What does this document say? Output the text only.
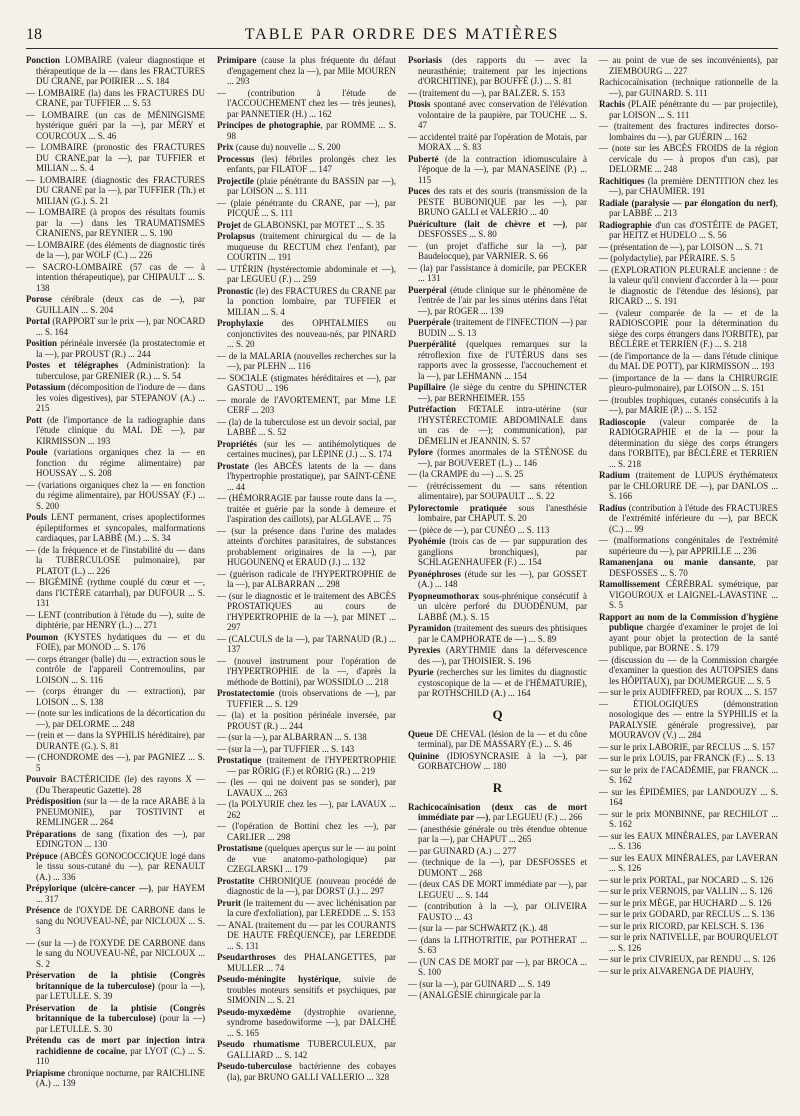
18	TABLE PAR ORDRE DES MATIÈRES
Ponction LOMBAIRE (valeur diagnostique et thérapeutique de la — dans les FRACTURES DU CRANE, par POIRIER ... S. 184
— LOMBAIRE (la) dans les FRACTURES DU CRANE, par TUFFIER ... S. 53
— LOMBAIRE (un cas de MÉNINGISME hystérique guéri par la —), par MÉRY et COURCOUX ... S. 46
— LOMBAIRE (pronostic des FRACTURES DU CRANE,par la —), par TUFFIER et MILIAN ... S. 4
— LOMBAIRE (diagnostic des FRACTURES DU CRANE par la —), par TUFFIER (Th.) et MILIAN (G.). S. 21
— LOMBAIRE (à propos des résultats fournis par la —) dans les TRAUMATISMES CRANIENS, par REYNIER ... S. 190
— LOMBAIRE (des éléments de diagnostic tirés de la —), par WOLF (C.) ... 226
— SACRO-LOMBAIRE (57 cas de — à intention thérapeutique), par CHIPAULT ... S. 138
Porose cérébrale (deux cas de —), par GUILLAIN ... S. 204
Portal (RAPPORT sur le prix —), par NOCARD ... S. 164
Position périnéale inversée (la prostatectomie et la —), par PROUST (R.) ... 244
Postes et télégraphes (Administration): la tuberculose, par GRENIER (R.) ... S. 54
Potassium (décomposition de l'iodure de — dans les voies digestives), par STEPANOV (A.) ... 215
Pott (de l'importance de la radiographie dans l'étude clinique du MAL DE —), par KIRMISSON ... 193
Poule (variations organiques chez la — en fonction du régime alimentaire) par HOUSSAY ... S. 208
— (variations organiques chez la — en fonction du régime alimentaire), par HOUSSAY (F.) ... S. 200
Pouls LENT permanent, crises apoplectiformes épileptiformes et syncopales, malformations cardiaques, par LABBÉ (M.) ... S. 34
— (de la fréquence et de l'instabilité du — dans la TUBERCULOSE pulmonaire), par PLATOT (L.) ... 226
— BIGÉMINÉ (rythme couplé du cœur et —, dans l'ICTÈRE catarrhal), par DUFOUR ... S. 131
— LENT (contribution à l'étude du —), suite de diphtérie, par HENRY (L.) ... 271
Poumon (KYSTES hydatiques du — et du FOIE), par MONOD ... S. 176
— corps étranger (balle) du —, extraction sous le contrôle de l'appareil Contremoulins, par LOISON ... S. 116
— (corps étranger du — extraction), par LOISON ... S. 138
— (note sur les indications de la décortication du —), par DELORME ... 248
— (rein et — dans la SYPHILIS héréditaire), par DURANTE (G.). S. 81
— (CHONDROME des —), par PAGNIEZ ... S. 5
Pouvoir BACTÉRICIDE (le) des rayons X — (Du Therapeutic Gazette). 28
Prédisposition (sur la — de la race ARABE à la PNEUMONIE), par TOSTIVINT et REMLINGER ... 264
Préparations de sang (fixation des —), par EDINGTON ... 130
Prépuce (ABCÈS GONOCOCCIQUE logé dans le tissu sous-cutané du —), par RENAULT (A.) ... 336
Prépylorique (ulcère-cancer —), par HAYEM ... 317
Présence de l'OXYDE DE CARBONE dans le sang du NOUVEAU-NÉ, par NICLOUX ... S. 3
— (sur la —) de l'OXYDE DE CARBONE dans le sang du NOUVEAU-NÉ, par NICLOUX ... S. 2
Préservation de la phtisie (Congrès britannique de la tuberculose) (pour la —), par LETULLE. S. 39
Préservation de la phtisie (Congrès britannique de la tuberculose) (pour la —) par LETULLE. S. 30
Prétendu cas de mort par injection intra rachidienne de cocaïne, par LYOT (C.) ... S. 110
Priapisme chronique nocturne, par RAICHLINE (A.) ... 139
Primipare (cause la plus fréquente du défaut d'engagement chez la —), par Mlle MOUREN ... 293
— (contribution à l'étude de l'ACCOUCHEMENT chez les — très jeunes), par PANNETIER (H.) ... 162
Principes de photographie, par ROMME ... S. 98
Prix (cause du) nouvelle ... S. 200
Processus (les) fébriles prolongés chez les enfants, par FILATOF ... 147
Projectile (plaie pénétrante du BASSIN par —), par LOISON ... S. 111
— (plaie pénétrante du CRANE, par —), par PICQUÉ ... S. 111
Projet de GLABONSKI, par MOTET ... S. 35
Prolapsus (traitement chirurgical du — de la muqueuse du RECTUM chez l'enfant), par COURTIN ... 191
— UTÉRIN (hystérectomie abdominale et —), par LEGUEU (F.) ... 259
Pronostic (le) des FRACTURES du CRANE par la ponction lombaire, par TUFFIER et MILIAN ... S. 4
Prophylaxie des OPHTALMIES ou conjonctivites des nouveau-nés, par PINARD ... S. 20
— de la MALARIA (nouvelles recherches sur la —), par PLEHN ... 116
— SOCIALE (stigmates héréditaires et —), par GASTOU ... 196
— morale de l'AVORTEMENT, par Mme LE CERF ... 203
— (la) de la tuberculose est un devoir social, par LABBÉ ... S. 52
Propriétés (sur les — antihémolytiques de certaines mucines), par LÉPINE (J.) ... S. 174
Prostate (les ABCÈS latents de la — dans l'hypertrophie prostatique), par SAINT-CÈNE ... 44
— (HÉMORRAGIE par fausse route dans la —, traitée et guérie par la sonde à demeure et l'aspiration des caillots), par ALGLAVE ... 75
— (sur la présence dans l'urine des malades atteints d'orchites parasitaires, de substances probablement originaires de la —), par HUGOUNENQ et ERAUD (J.) ... 132
— (guérison radicale de l'HYPERTROPHIE de la —), par ALBARRAN ... 298
— (sur le diagnostic et le traitement des ABCÈS PROSTATIQUES au cours de l'HYPERTROPHIE de la —), par MINET ... 297
— (CALCULS de la —), par TARNAUD (R.) ... 137
— (nouvel instrument pour l'opération de l'HYPERTROPHIE de la —, d'après la méthode de Bottini), par WOSSIDLO ... 218
Prostatectomie (trois observations de —), par TUFFIER ... S. 129
— (la) et la position périnéale inversée, par PROUST (R.) ... 244
— (sur la —), par ALBARRAN ... S. 138
— (sur la —), par TUFFIER ... S. 143
Prostatique (traitement de l'HYPERTROPHIE — par RÖRIG (F.) et RÖRIG (R.) ... 219
— (les — qui ne doivent pas se sonder), par LAVAUX ... 263
— (la POLYURIE chez les —), par LAVAUX ... 262
— (l'opération de Bottini chez les —), par CARLIER ... 298
Prostatisme (quelques aperçus sur le — au point de vue anatomo-pathologique) par CZEGLARSKI ... 179
Prostatite CHRONIQUE (nouveau procédé de diagnostic de la —), par DORST (J.) ... 297
Prurit (le traitement du — avec lichénisation par la cure d'exfoliation), par LEREDDE ... S. 153
— ANAL (traitement du — par les COURANTS DE HAUTE FRÉQUENCE), par LEREDDE ... S. 131
Pseudarthroses des PHALANGETTES, par MULLER ... 74
Pseudo-méningite hystérique, suivie de troubles moteurs sensitifs et psychiques, par SIMONIN ... S. 21
Pseudo-myxœdème (dystrophie ovarienne, syndrome basedowiforme —), par DALCHÉ ... S. 165
Pseudo rhumatisme TUBERCULEUX, par GALLIARD ... S. 142
Pseudo-tuberculose bactérienne des cobayes (la), par BRUNO GALLI VALLERIO ... 328
Psoriasis (des rapports du — avec la neurasthénie; traitement par les injections d'ORCHITINE), par BOUFFÉ (J.) ... S. 81
— (traitement du —), par BALZER. S. 153
Ptosis spontané avec conservation de l'élévation volontaire de la paupière, par TOUCHE ... S. 47
— accidentel traité par l'opération de Motais, par MORAX ... S. 83
Puberté (de la contraction idiomusculaire à l'époque de la —), par MANASEINE (P.) ... 115
Puces des rats et des souris (transmission de la PESTE BUBONIQUE par les —), par BRUNO GALLI et VALERIO ... 40
Puériculture (lait de chèvre et —), par DESFOSSES ... S. 80
— (un projet d'affiche sur la —), par Baudelocque), par VARNIER. S. 66
— (la) par l'assistance à domicile, par PECKER ... 131
Puerpéral (étude clinique sur le phénomène de l'entrée de l'air par les sinus utérins dans l'état —), par ROGER ... 139
Puerpérale (traitement de l'INFECTION —) par BUDIN ... S. 13
Puerpérālité (quelques remarques sur la rétroflexion fixe de l'UTÉRUS dans ses rapports avec la grossesse, l'accouchement et la —), par LEHMANN ... 154
Pupillaire (le siège du centre du SPHINCTER —), par BERNHEIMER. 155
Putréfaction FŒTALE intra-utérine (sur l'HYSTÉRECTOMIE ABDOMINALE dans un cas de —); communication), par DÉMELIN et JEANNIN. S. 57
Pylore (formes anormales de la STÉNOSE du —), par BOUVERET (L.) ... 146
— (la CRAMPE du —) ... S. 25
— (rétrécissement du — sans rétention alimentaire), par SOUPAULT ... S. 22
Pylorectomie pratiquée sous l'anesthésie lombaire, par CHAPUT. S. 20
— (pièce de —), par CUNÉO ... S. 113
Pyohémie (trois cas de — par suppuration des ganglions bronchiques), par SCHLAGENHAUFER (F.) ... 154
Pyonéphroses (étude sur les —), par GOSSET (A.) ... 148
Pyopneumothorax sous-phrénique consécutif à un ulcère perforé du DUODÉNUM, par LABBÉ (M.). S. 15
Pyramidon (traitement des sueurs des phtisiques par le CAMPHORATE de —) ... S. 89
Pyrexies (ARYTHMIE dans la défervescence des —), par THOISIER. S. 196
Pyurie (recherches sur les limites du diagnostic cystoscopique de la — et de l'HÉMATURIE), par ROTHSCHILD (A.) ... 164
Q
Queue DE CHEVAL (lésion de la — et du cône terminal), par DE MASSARY (E.) ... S. 46
Quinine (IDIOSYNCRASIE à la —), par GORBATCHOW ... 180
R
Rachicocaïnisation (deux cas de mort immédiate par —), par LEGUEU (F.) ... 266
— (anesthésie générale ou très étendue obtenue par la —), par CHAPUT ... 265
— par GUINARD (A.) ... 277
— (technique de la —), par DESFOSSES et DUMONT ... 268
— (deux CAS DE MORT immédiate par —), par LEGUEU ... S. 144
— (contribution à la —), par OLIVEIRA FAUSTO ... 43
— (sur la — par SCHWARTZ (K.). 48
— (dans la LITHOTRITIE, par POTHERAT ... S. 63
— (UN CAS DE MORT par —), par BROCA ... S. 100
— (sur la —), par GUINARD ... S. 149
— (ANALGÉSIE chirurgicale par la
— au point de vue de ses inconvénients), par ZIEMBOURG ... 227
Rachicocaïnisation (technique rationnelle de la —), par GUINARD. S. 111
Rachis (PLAIE pénétrante du — par projectile), par LOISON ... S. 111
— (traitement des fractures indirectes dorso-lombaires du —), par GUÉRIN ... 162
— (note sur les ABCÈS FROIDS de la région cervicale du — à propos d'un cas), par DELORME ... 248
Rachitiques (la première DENTITION chez les —), par CHAUMIER. 191
Radiale (paralysie — par élongation du nerf), par LABBÉ ... 213
Radiographie d'un cas d'OSTÉITE de PAGET, par HEITZ et HUDELO ... S. 56
— (présentation de —), par LOISON ... S. 71
— (polydactylie), par PÉRAIRE. S. 5
— (EXPLORATION PLEURALE ancienne : de la valeur qu'il convient d'accorder à la — pour le diagnostic de l'étendue des lésions), par RICARD ... S. 191
— (valeur comparée de la — et de la RADIOSCOPIE pour la détermination du siège des corps étrangers dans l'ORBITE), par BÉCLÈRE et TERRIEN (F.) ... S. 218
— (de l'importance de la — dans l'étude clinique du MAL DE POTT), par KIRMISSON ... 193
— (importance de la — dans la CHIRURGIE pleuro-pulmonaire), par LOISON ... S. 151
— (troubles trophiques, cutanés consécutifs à la —), par MARIE (P.) ... S. 152
Radioscopie (valeur comparée de la RADIOGRAPHIE et de la — pour la détermination du siège des corps étrangers dans l'ORBITE), par BÉCLÈRE et TERRIEN ... S. 218
Radium (traitement de LUPUS érythémateux par le CHLORURE DE —), par DANLOS ... S. 166
Radius (contribution à l'étude des FRACTURES de l'extrémité inférieure du —), par BECK (C.) ... 99
— (malformations congénitales de l'extrémité supérieure du —), par APPRILLE ... 236
Ramanenjana ou manie dansante, par DESFOSSES ... S. 70
Ramollissement CÉRÉBRAL symétrique, par VIGOUROUX et LAIGNEL-LAVASTINE ... S. 5
Rapport au nom de la Commission d'hygiène publique chargée d'examiner le projet de loi ayant pour objet la protection de la santé publique, par BORNE . S. 179
— (discussion du — de la Commission chargée d'examiner la question des AUTOPSIES dans les HÔPITAUX), par DOUMERGUE ... S. 5
— sur le prix AUDIFFRED, par ROUX ... S. 157
— ÉTIOLOGIQUES (démonstration nosologique des — entre la SYPHILIS et la PARALYSIE générale progressive), par MOURAVOV (V.) ... 284
— sur le prix LABORIE, par RECLUS ... S. 157
— sur le prix LOUIS, par FRANCK (F.) ... S. 13
— sur le prix de l'ACADÉMIE, par FRANCK ... S. 162
— sur les ÉPIDÉMIES, par LANDOUZY ... S. 164
— sur le prix MONBINNE, par RECHILOT ... S. 162
— sur les EAUX MINÉRALES, par LAVERAN ... S. 136
— sur les EAUX MINÉRALES, par LAVERAN ... S. 126
— sur le prix PORTAL, par NOCARD ... S. 126
— sur le prix VERNOIS, par VALLIN ... S. 126
— sur le prix MÉGE, par HUCHARD ... S. 126
— sur le prix GODARD, par RECLUS ... S. 136
— sur le prix RICORD, par KELSCH. S. 136
— sur le prix NATIVELLE, par BOURQUELOT ... S. 126
— sur le prix CIVRIEUX, par RENDU ... S. 126
— sur le prix ALVARENGA DE PIAUHY,
